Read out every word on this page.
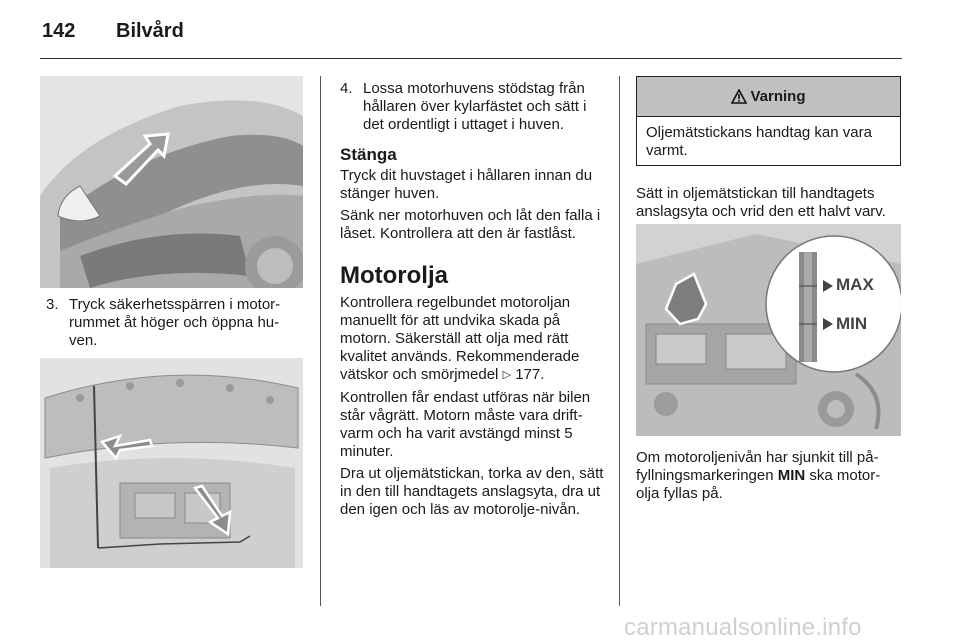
142 Bilvård
3. Tryck säkerhetsspärren i motor-rummet åt höger och öppna hu-ven.
4. Lossa motorhuvens stödstag från hållaren över kylarfästet och sätt i det ordentligt i uttaget i huven.
Stänga
Tryck dit huvstaget i hållaren innan du stänger huven.
Sänk ner motorhuven och låt den falla i låset. Kontrollera att den är fastlåst.
Motorolja
Kontrollera regelbundet motoroljan manuellt för att undvika skada på motorn. Säkerställ att olja med rätt kvalitet används. Rekommenderade vätskor och smörjmedel ▷ 177.
Kontrollen får endast utföras när bilen står vågrätt. Motorn måste vara drift-varm och ha varit avstängd minst 5 minuter.
Dra ut oljemätstickan, torka av den, sätt in den till handtagets anslagsyta, dra ut den igen och läs av motorolje-nivån.
Varning
Oljemätstickans handtag kan vara varmt.
Sätt in oljemätstickan till handtagets anslagsyta och vrid den ett halvt varv.
MAX
MIN
Om motoroljenivån har sjunkit till på-fyllningsmarkeringen MIN ska motor-olja fyllas på.
carmanualsonline.info
